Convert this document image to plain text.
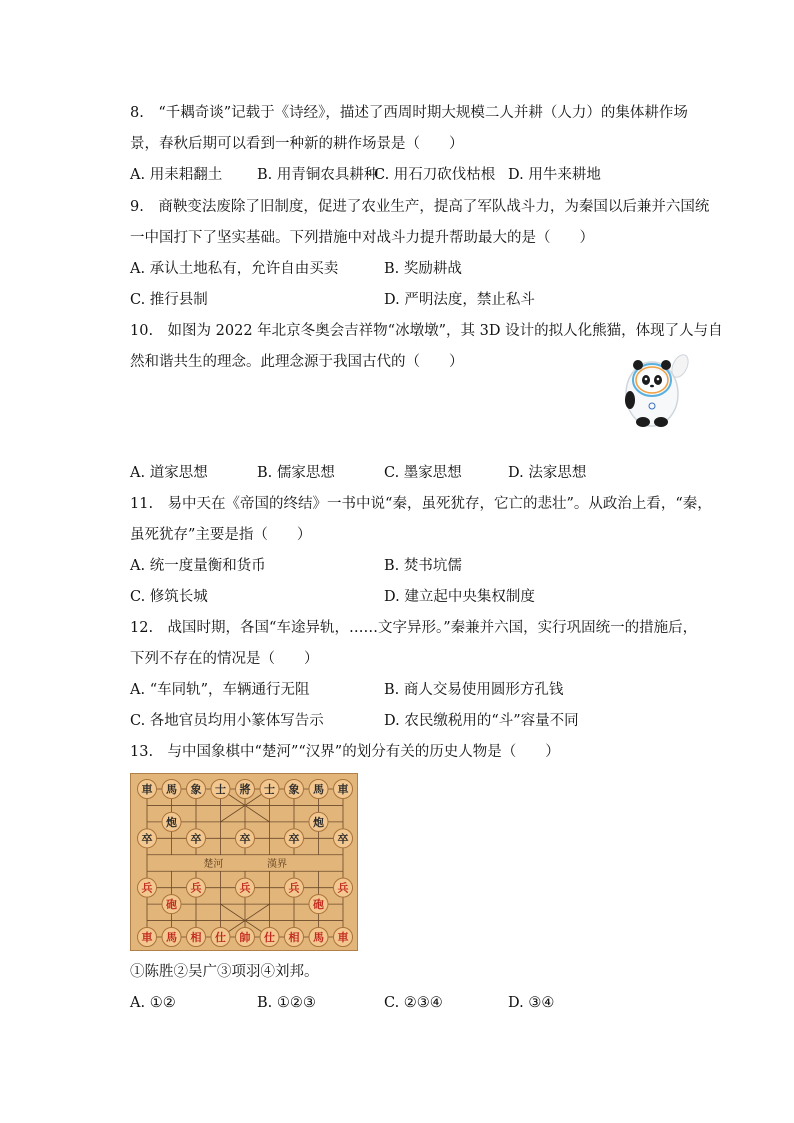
8.　“千耦奇谈”记载于《诗经》，描述了西周时期大规模二人并耕（人力）的集体耕作场
景，春秋后期可以看到一种新的耕作场景是（　　）
A. 用耒耜翻土 B. 用青铜农具耕种
C. 用石刀砍伐枯根 D. 用牛来耕地
9.　商鞅变法废除了旧制度，促进了农业生产，提高了军队战斗力，为秦国以后兼并六国统
一中国打下了坚实基础。下列措施中对战斗力提升帮助最大的是（　　）
A. 承认土地私有，允许自由买卖	B. 奖励耕战
C. 推行县制	D. 严明法度，禁止私斗
10.　如图为 2022 年北京冬奥会吉祥物“冰墩墩”，其 3D 设计的拟人化熊猫，体现了人与自
然和谐共生的理念。此理念源于我国古代的（　　）
A. 道家思想	B. 儒家思想	C. 墨家思想	D. 法家思想
11.　易中天在《帝国的终结》一书中说“秦，虽死犹存，它亡的悲壮”。从政治上看，“秦，
虽死犹存”主要是指（　　）
A. 统一度量衡和货币	B. 焚书坑儒
C. 修筑长城	D. 建立起中央集权制度
12.　战国时期，各国“车途异轨，……文字异形。”秦兼并六国，实行巩固统一的措施后，
下列不存在的情况是（　　）
A. “车同轨”，车辆通行无阻	B. 商人交易使用圆形方孔钱
C. 各地官员均用小篆体写告示	D. 农民缴税用的“斗”容量不同
13.　与中国象棋中“楚河”“汉界”的划分有关的历史人物是（　　）
楚河	漢界
車 馬 象 士 將 士 象 馬 車
炮	炮
卒	卒	卒	卒	卒
兵	兵	兵	兵	兵
砲	砲
車 馬 相 仕 帥 仕 相 馬 車
①陈胜②吴广③项羽④刘邦。
A. ①②	B. ①②③	C. ②③④	D. ③④
